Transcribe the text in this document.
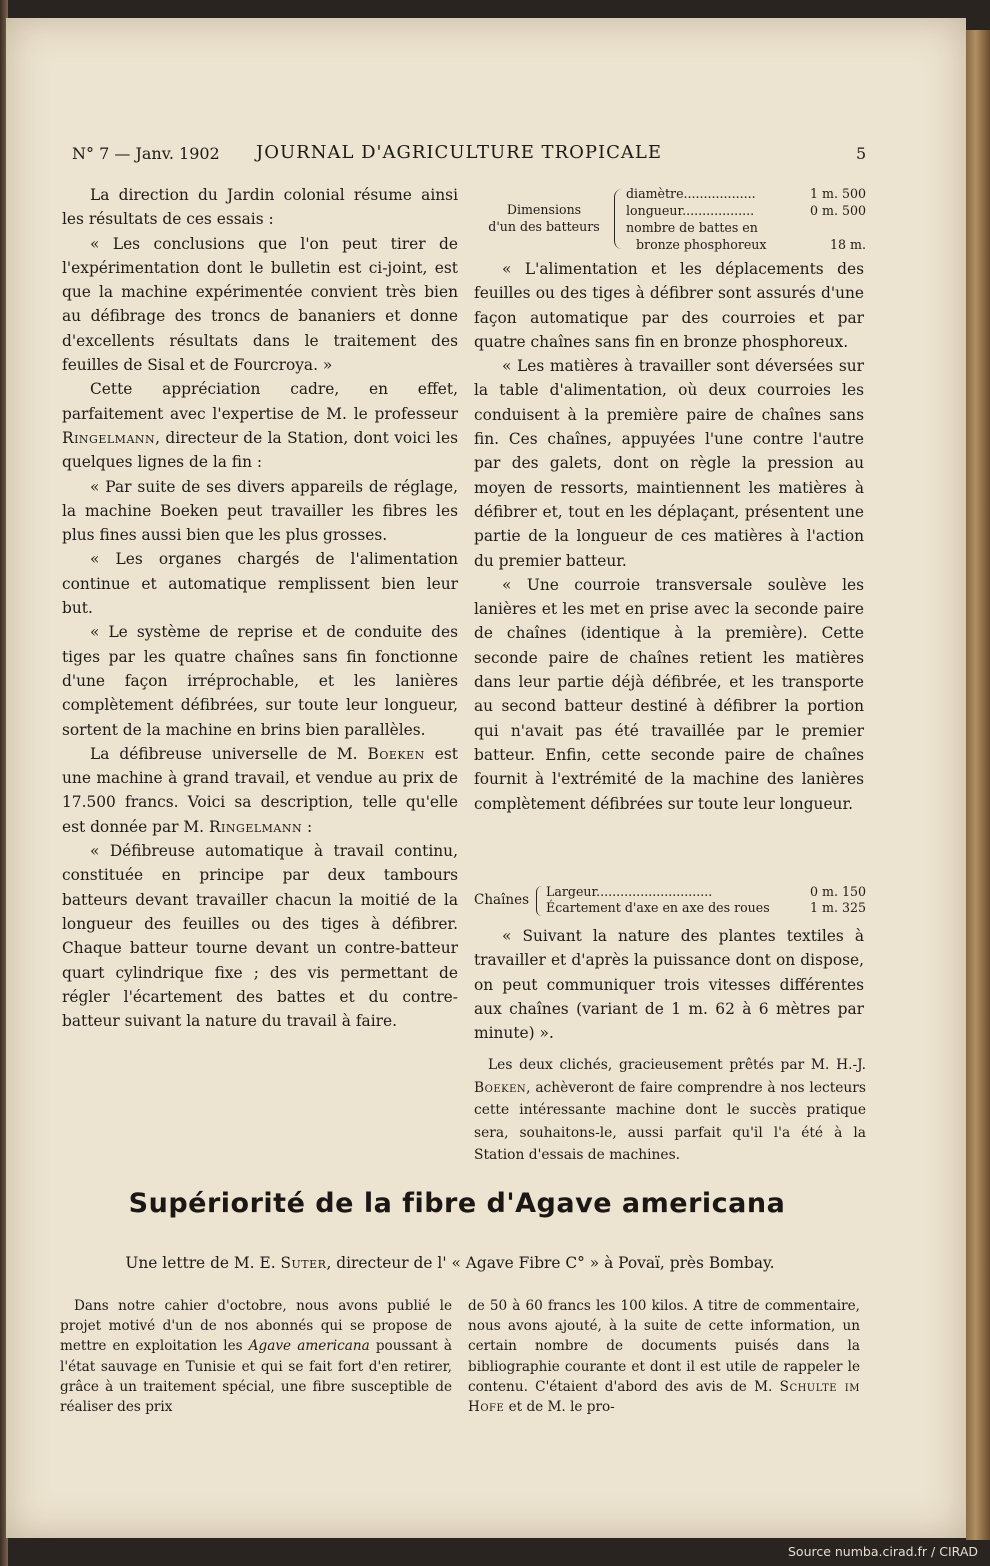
N° 7 — Janv. 1902 JOURNAL D'AGRICULTURE TROPICALE	5

La direction du Jardin colonial résume ainsi les résultats de ces essais :

« Les conclusions que l'on peut tirer de l'expérimentation dont le bulletin est ci-joint, est que la machine expérimentée convient très bien au défibrage des troncs de bananiers et donne d'excellents résultats dans le traitement des feuilles de Sisal et de Fourcroya. »

Cette appréciation cadre, en effet, parfaitement avec l'expertise de M. le professeur Ringelmann, directeur de la Station, dont voici les quelques lignes de la fin :

« Par suite de ses divers appareils de réglage, la machine Boeken peut travailler les fibres les plus fines aussi bien que les plus grosses.

« Les organes chargés de l'alimentation continue et automatique remplissent bien leur but.

« Le système de reprise et de conduite des tiges par les quatre chaînes sans fin fonctionne d'une façon irréprochable, et les lanières complètement défibrées, sur toute leur longueur, sortent de la machine en brins bien parallèles.

La défibreuse universelle de M. Boeken est une machine à grand travail, et vendue au prix de 17.500 francs. Voici sa description, telle qu'elle est donnée par M. Ringelmann :

« Défibreuse automatique à travail continu, constituée en principe par deux tambours batteurs devant travailler chacun la moitié de la longueur des feuilles ou des tiges à défibrer. Chaque batteur tourne devant un contre-batteur quart cylindrique fixe ; des vis permettant de régler l'écartement des battes et du contre-batteur suivant la nature du travail à faire.

Dimensions
d'un des batteurs
diamètre..................	1 m. 500
longueur..................	0 m. 500
nombre de battes en
bronze phosphoreux	18 m.

« L'alimentation et les déplacements des feuilles ou des tiges à défibrer sont assurés d'une façon automatique par des courroies et par quatre chaînes sans fin en bronze phosphoreux.

« Les matières à travailler sont déversées sur la table d'alimentation, où deux courroies les conduisent à la première paire de chaînes sans fin. Ces chaînes, appuyées l'une contre l'autre par des galets, dont on règle la pression au moyen de ressorts, maintiennent les matières à défibrer et, tout en les déplaçant, présentent une partie de la longueur de ces matières à l'action du premier batteur.

« Une courroie transversale soulève les lanières et les met en prise avec la seconde paire de chaînes (identique à la première). Cette seconde paire de chaînes retient les matières dans leur partie déjà défibrée, et les transporte au second batteur destiné à défibrer la portion qui n'avait pas été travaillée par le premier batteur. Enfin, cette seconde paire de chaînes fournit à l'extrémité de la machine des lanières complètement défibrées sur toute leur longueur.

Chaînes
Largeur.............................	0 m. 150
Écartement d'axe en axe des roues	1 m. 325

« Suivant la nature des plantes textiles à travailler et d'après la puissance dont on dispose, on peut communiquer trois vitesses différentes aux chaînes (variant de 1 m. 62 à 6 mètres par minute) ».

Les deux clichés, gracieusement prêtés par M. H.-J. Boeken, achèveront de faire comprendre à nos lecteurs cette intéressante machine dont le succès pratique sera, souhaitons-le, aussi parfait qu'il l'a été à la Station d'essais de machines.

Supériorité de la fibre d'Agave americana
Une lettre de M. E. Suter, directeur de l' « Agave Fibre C° » à Povaï, près Bombay.

Dans notre cahier d'octobre, nous avons publié le projet motivé d'un de nos abonnés qui se propose de mettre en exploitation les Agave americana poussant à l'état sauvage en Tunisie et qui se fait fort d'en retirer, grâce à un traitement spécial, une fibre susceptible de réaliser des prix

de 50 à 60 francs les 100 kilos. A titre de commentaire, nous avons ajouté, à la suite de cette information, un certain nombre de documents puisés dans la bibliographie courante et dont il est utile de rappeler le contenu. C'étaient d'abord des avis de M. Schulte im Hofe et de M. le pro-

Source numba.cirad.fr / CIRAD
